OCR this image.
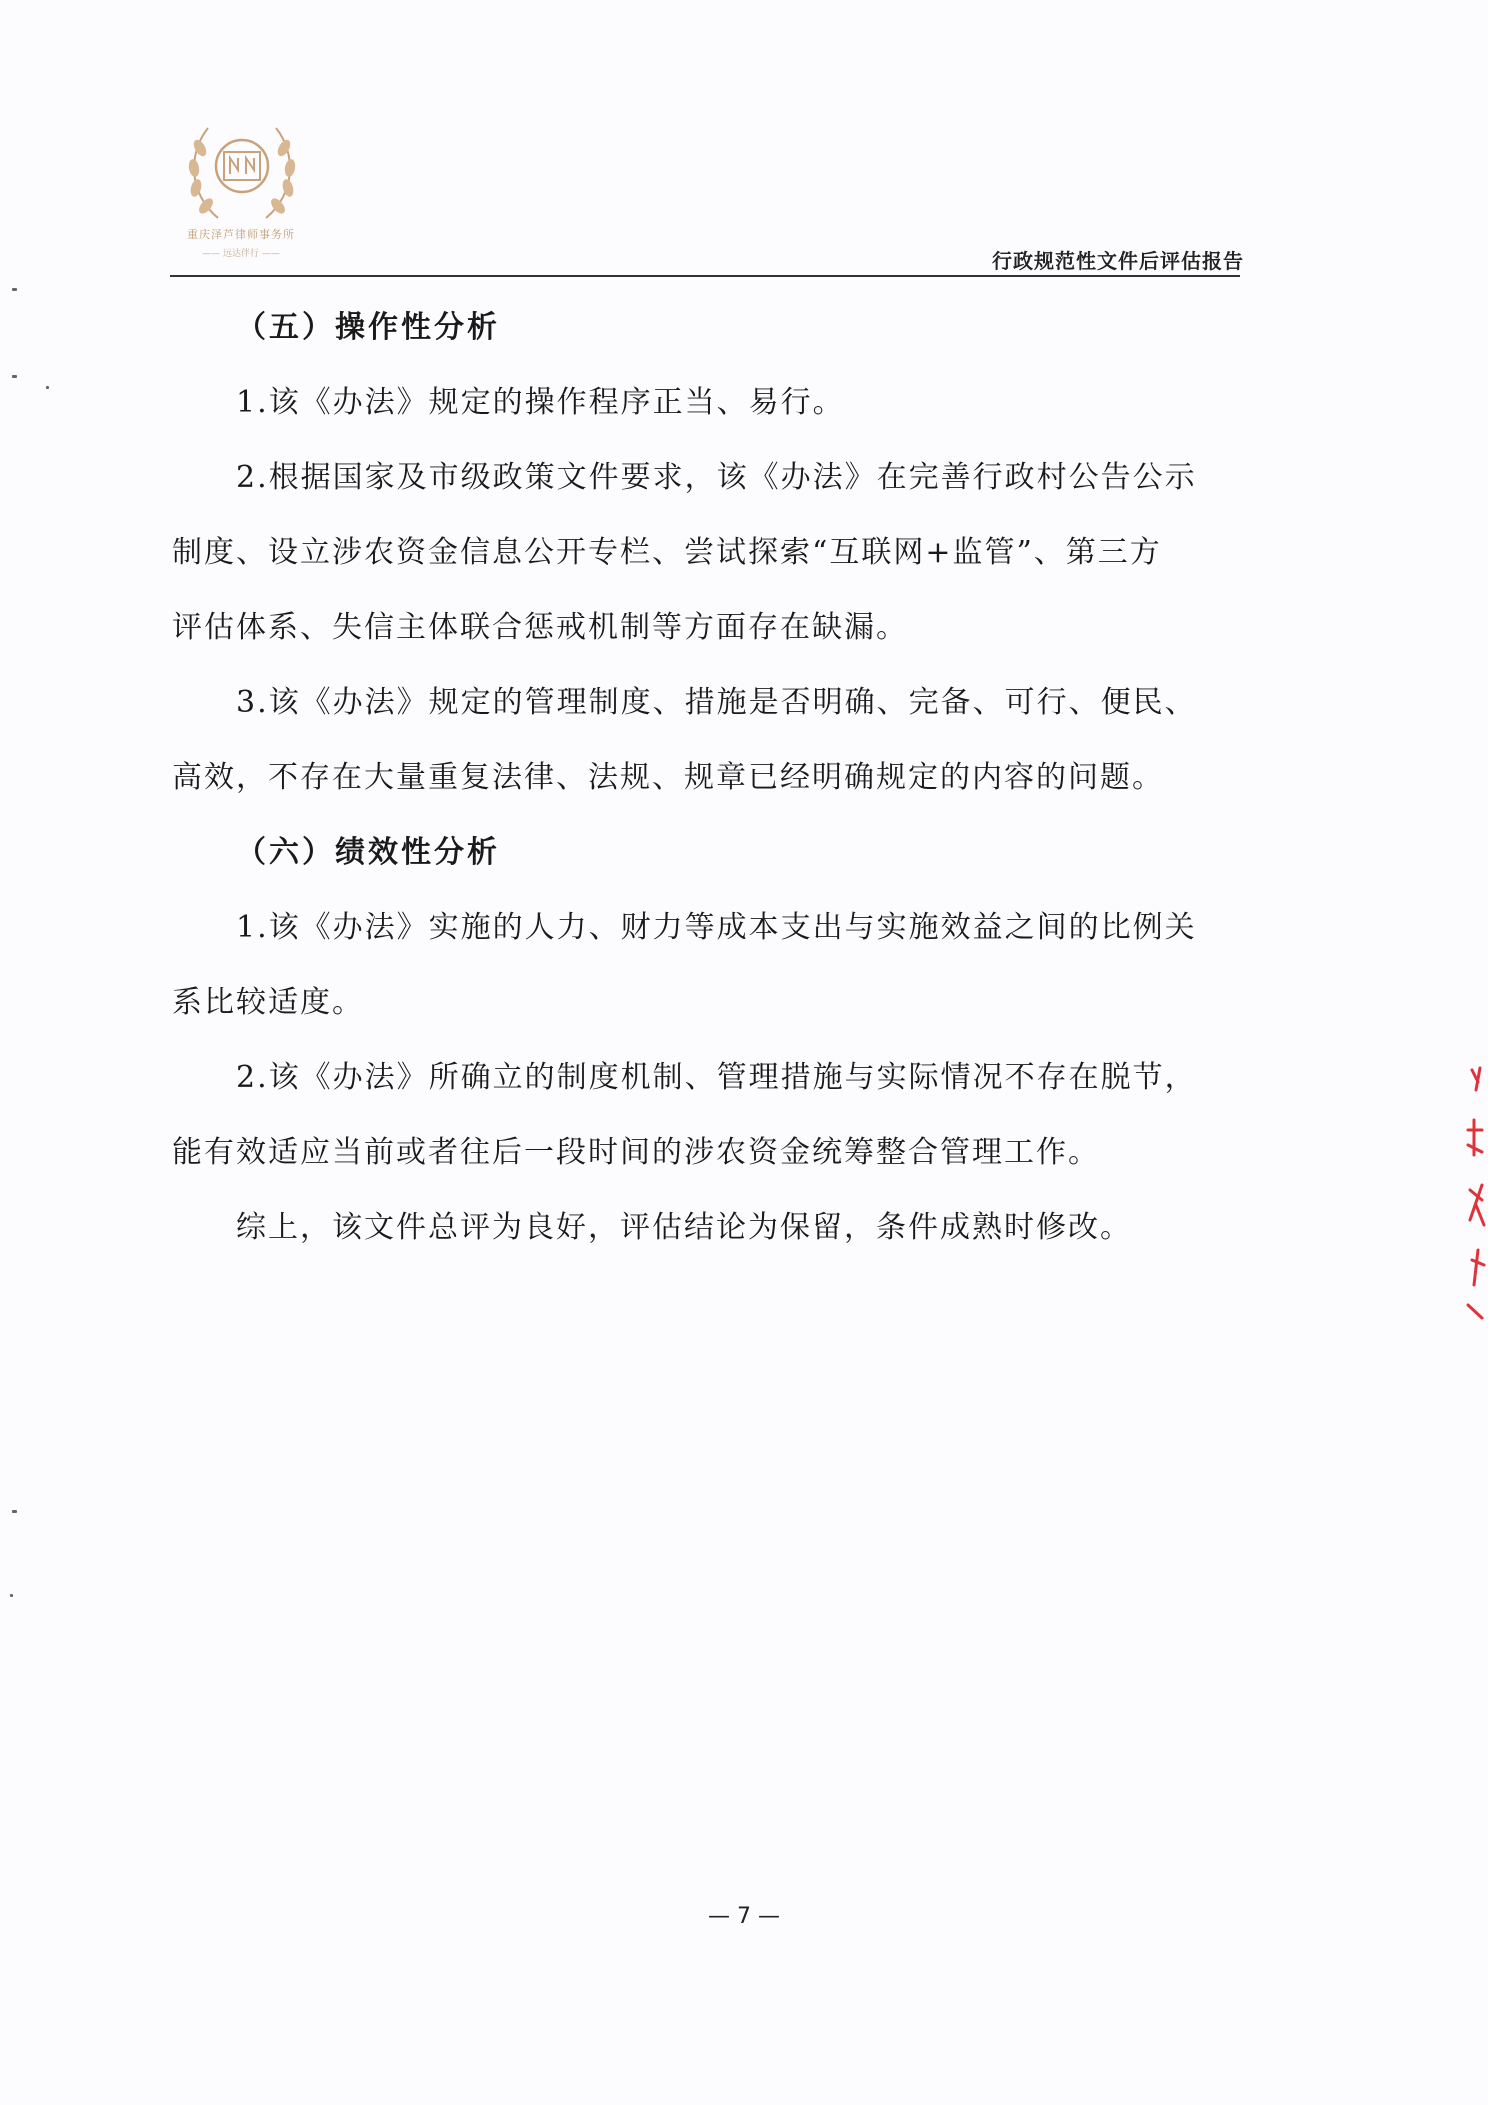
重庆泽芦律师事务所
—— 远达伴行 ——	行政规范性文件后评估报告
（五）操作性分析
1.该《办法》规定的操作程序正当、易行。
2.根据国家及市级政策文件要求，该《办法》在完善行政村公告公示
制度、设立涉农资金信息公开专栏、尝试探索“互联网+监管”、第三方
评估体系、失信主体联合惩戒机制等方面存在缺漏。
3.该《办法》规定的管理制度、措施是否明确、完备、可行、便民、
高效，不存在大量重复法律、法规、规章已经明确规定的内容的问题。
（六）绩效性分析
1.该《办法》实施的人力、财力等成本支出与实施效益之间的比例关
系比较适度。
2.该《办法》所确立的制度机制、管理措施与实际情况不存在脱节，
能有效适应当前或者往后一段时间的涉农资金统筹整合管理工作。
综上，该文件总评为良好，评估结论为保留，条件成熟时修改。
— 7 —
